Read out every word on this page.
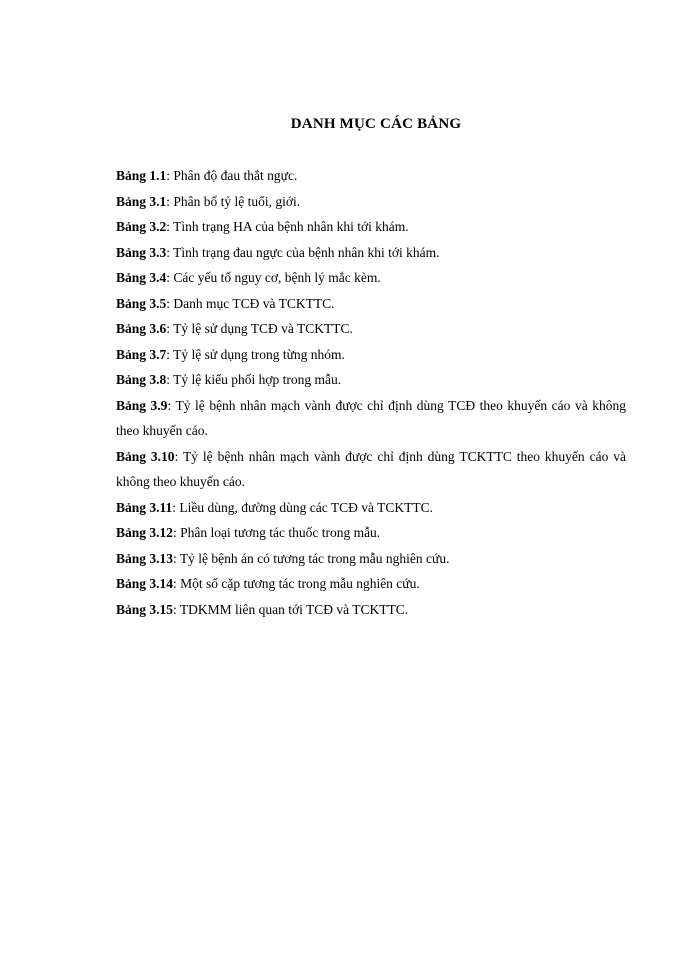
DANH MỤC CÁC BẢNG

Bảng 1.1: Phân độ đau thắt ngực.

Bảng 3.1: Phân bố tỷ lệ tuổi, giới.

Bảng 3.2: Tình trạng HA của bệnh nhân khi tới khám.

Bảng 3.3: Tình trạng đau ngực của bệnh nhân khi tới khám.

Bảng 3.4: Các yếu tố nguy cơ, bệnh lý mắc kèm.

Bảng 3.5: Danh mục TCĐ và TCKTTC.

Bảng 3.6: Tỷ lệ sử dụng TCĐ và TCKTTC.

Bảng 3.7: Tỷ lệ sử dụng trong từng nhóm.

Bảng 3.8: Tỷ lệ kiểu phối hợp trong mẫu.

Bảng 3.9: Tỷ lệ bệnh nhân mạch vành được chỉ định dùng TCĐ theo khuyến cáo và không theo khuyến cáo.

Bảng 3.10: Tỷ lệ bệnh nhân mạch vành được chỉ định dùng TCKTTC theo khuyến cáo và không theo khuyến cáo.

Bảng 3.11: Liều dùng, đường dùng các TCĐ và TCKTTC.

Bảng 3.12: Phân loại tương tác thuốc trong mẫu.

Bảng 3.13: Tỷ lệ bệnh án có tương tác trong mẫu nghiên cứu.

Bảng 3.14: Một số cặp tương tác trong mẫu nghiên cứu.

Bảng 3.15: TDKMM liên quan tới TCĐ và TCKTTC.
